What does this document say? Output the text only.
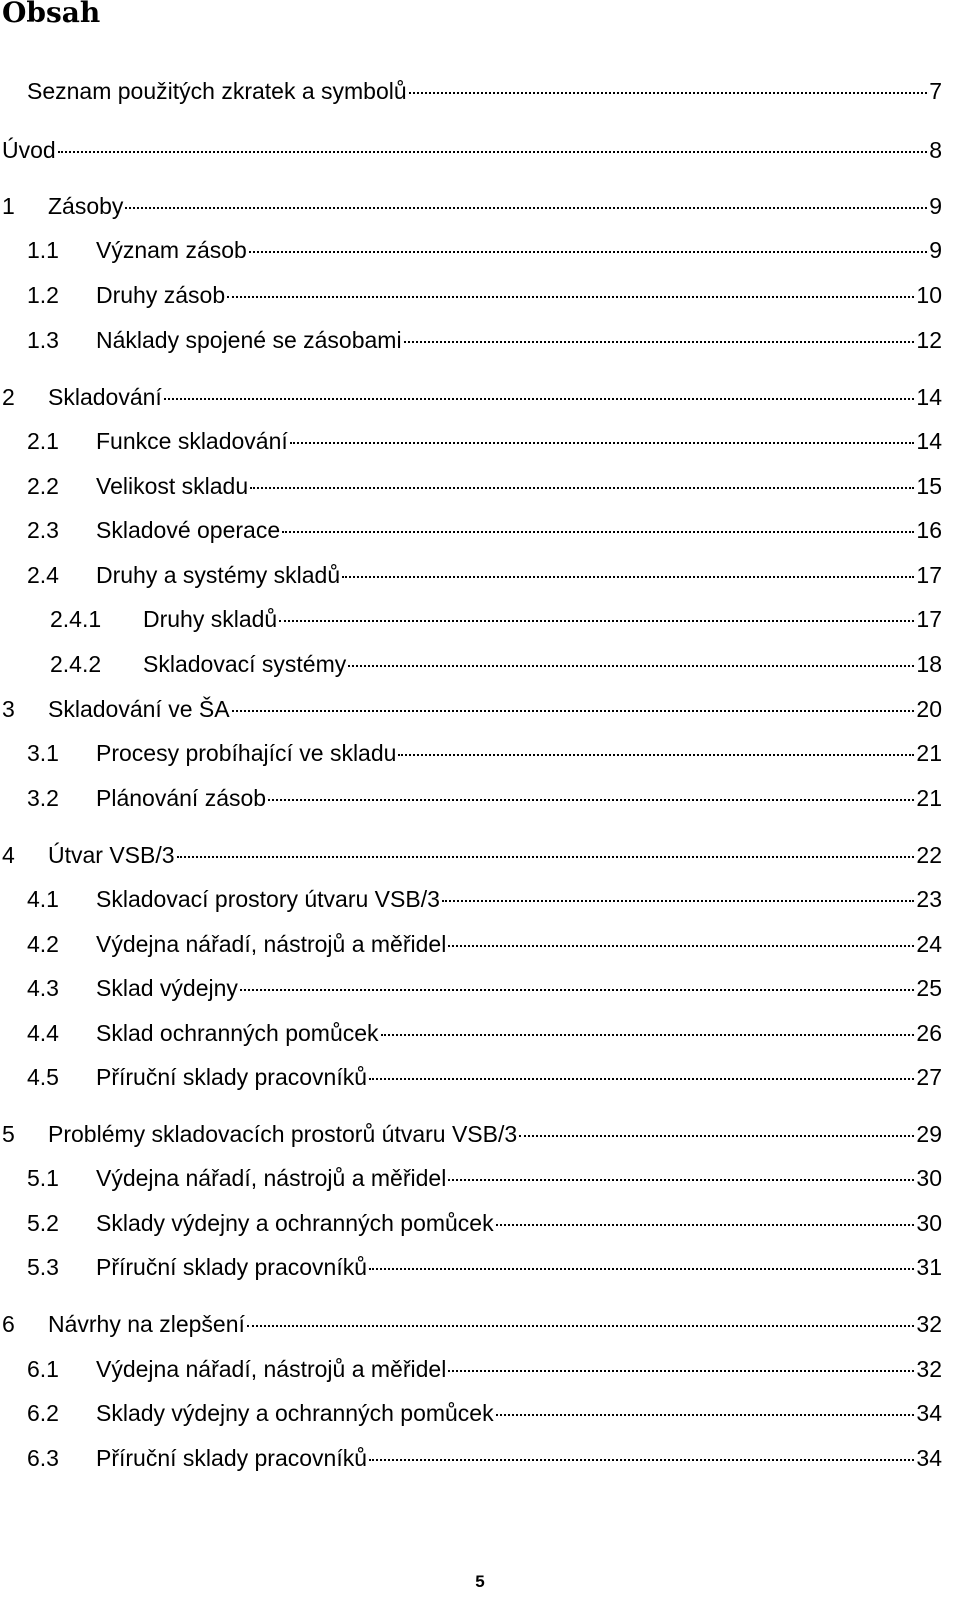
Obsah
Seznam použitých zkratek a symbolů	7
Úvod	8
1	Zásoby	9
1.1	Význam zásob	9
1.2	Druhy zásob	10
1.3	Náklady spojené se zásobami	12
2	Skladování	14
2.1	Funkce skladování	14
2.2	Velikost skladu	15
2.3	Skladové operace	16
2.4	Druhy a systémy skladů	17
2.4.1	Druhy skladů	17
2.4.2	Skladovací systémy	18
3	Skladování ve ŠA	20
3.1	Procesy probíhající ve skladu	21
3.2	Plánování zásob	21
4	Útvar VSB/3	22
4.1	Skladovací prostory útvaru VSB/3	23
4.2	Výdejna nářadí, nástrojů a měřidel	24
4.3	Sklad výdejny	25
4.4	Sklad ochranných pomůcek	26
4.5	Příruční sklady pracovníků	27
5	Problémy skladovacích prostorů útvaru VSB/3	29
5.1	Výdejna nářadí, nástrojů a měřidel	30
5.2	Sklady výdejny a ochranných pomůcek	30
5.3	Příruční sklady pracovníků	31
6	Návrhy na zlepšení	32
6.1	Výdejna nářadí, nástrojů a měřidel	32
6.2	Sklady výdejny a ochranných pomůcek	34
6.3	Příruční sklady pracovníků	34
5
